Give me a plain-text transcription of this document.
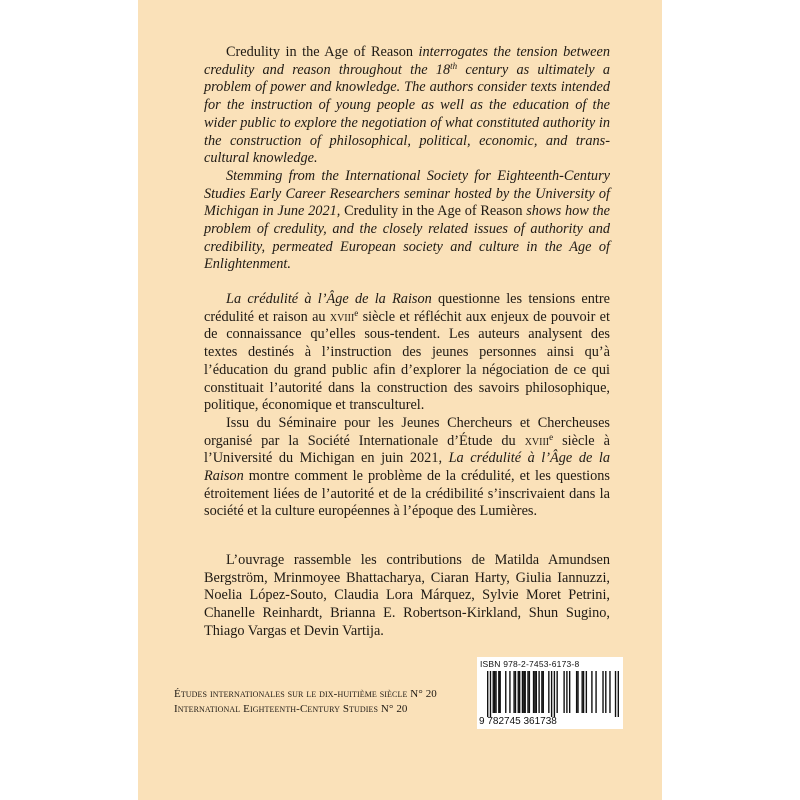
Credulity in the Age of Reason interrogates the tension between credulity and reason throughout the 18th century as ultimately a problem of power and knowledge. The authors consider texts intended for the instruction of young people as well as the education of the wider public to explore the negotiation of what constituted authority in the construction of philosophical, political, economic, and trans-cultural knowledge.

Stemming from the International Society for Eighteenth-Century Studies Early Career Researchers seminar hosted by the University of Michigan in June 2021, Credulity in the Age of Reason shows how the problem of credulity, and the closely related issues of authority and credibility, permeated European society and culture in the Age of Enlightenment.

La crédulité à l’Âge de la Raison questionne les tensions entre crédulité et raison au xviii$^e$ siècle et réfléchit aux enjeux de pouvoir et de connaissance qu’elles sous-tendent. Les auteurs analysent des textes destinés à l’instruction des jeunes personnes ainsi qu’à l’éducation du grand public afin d’explorer la négociation de ce qui constituait l’autorité dans la construction des savoirs philosophique, politique, économique et transculturel.

Issu du Séminaire pour les Jeunes Chercheurs et Chercheuses organisé par la Société Internationale d’Étude du xviii$^e$ siècle à l’Université du Michigan en juin 2021, La crédulité à l’Âge de la Raison montre comment le problème de la crédulité, et les questions étroitement liées de l’autorité et de la crédibilité s’inscrivaient dans la société et la culture européennes à l’époque des Lumières.

L’ouvrage rassemble les contributions de Matilda Amundsen Bergström, Mrinmoyee Bhattacharya, Ciaran Harty, Giulia Iannuzzi, Noelia López-Souto, Claudia Lora Márquez, Sylvie Moret Petrini, Chanelle Reinhardt, Brianna E. Robertson-Kirkland, Shun Sugino, Thiago Vargas et Devin Vartija.

Études internationales sur le dix-huitième siècle N° 20
International Eighteenth-Century Studies N° 20
ISBN 978-2-7453-6173-8
9 782745 361738
